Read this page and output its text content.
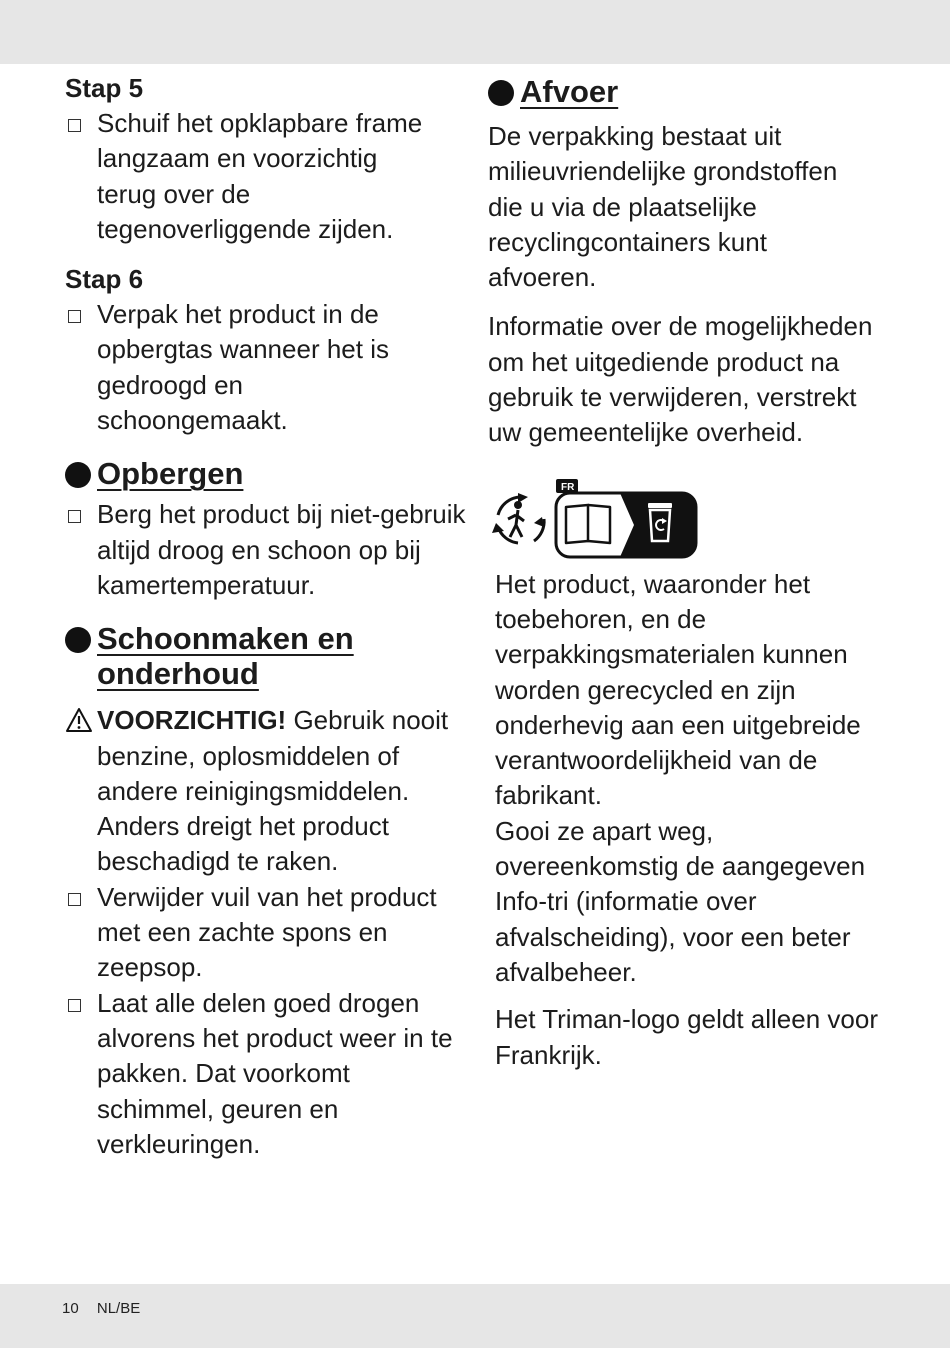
Stap 5
Schuif het opklapbare frame langzaam en voorzichtig terug over de tegenoverliggende zijden.
Stap 6
Verpak het product in de opbergtas wanneer het is gedroogd en schoongemaakt.
Opbergen
Berg het product bij niet-gebruik altijd droog en schoon op bij kamertemperatuur.
Schoonmaken en
onderhoud
VOORZICHTIG! Gebruik nooit benzine, oplosmiddelen of andere reinigingsmiddelen. Anders dreigt het product beschadigd te raken.
Verwijder vuil van het product met een zachte spons en zeepsop.
Laat alle delen goed drogen alvorens het product weer in te pakken. Dat voorkomt schimmel, geuren en verkleuringen.
Afvoer

De verpakking bestaat uit milieuvriendelijke grondstoffen die u via de plaatselijke recyclingcontainers kunt afvoeren.

Informatie over de mogelijkheden om het uitgediende product na gebruik te verwijderen, verstrekt uw gemeentelijke overheid.

FR
Het product, waaronder het toebehoren, en de verpakkingsmaterialen kunnen worden gerecycled en zijn onderhevig aan een uitgebreide verantwoordelijkheid van de fabrikant.
Gooi ze apart weg, overeenkomstig de aangegeven Info-tri (informatie over afvalscheiding), voor een beter afvalbeheer.
Het Triman-logo geldt alleen voor Frankrijk.
10 NL/BE
